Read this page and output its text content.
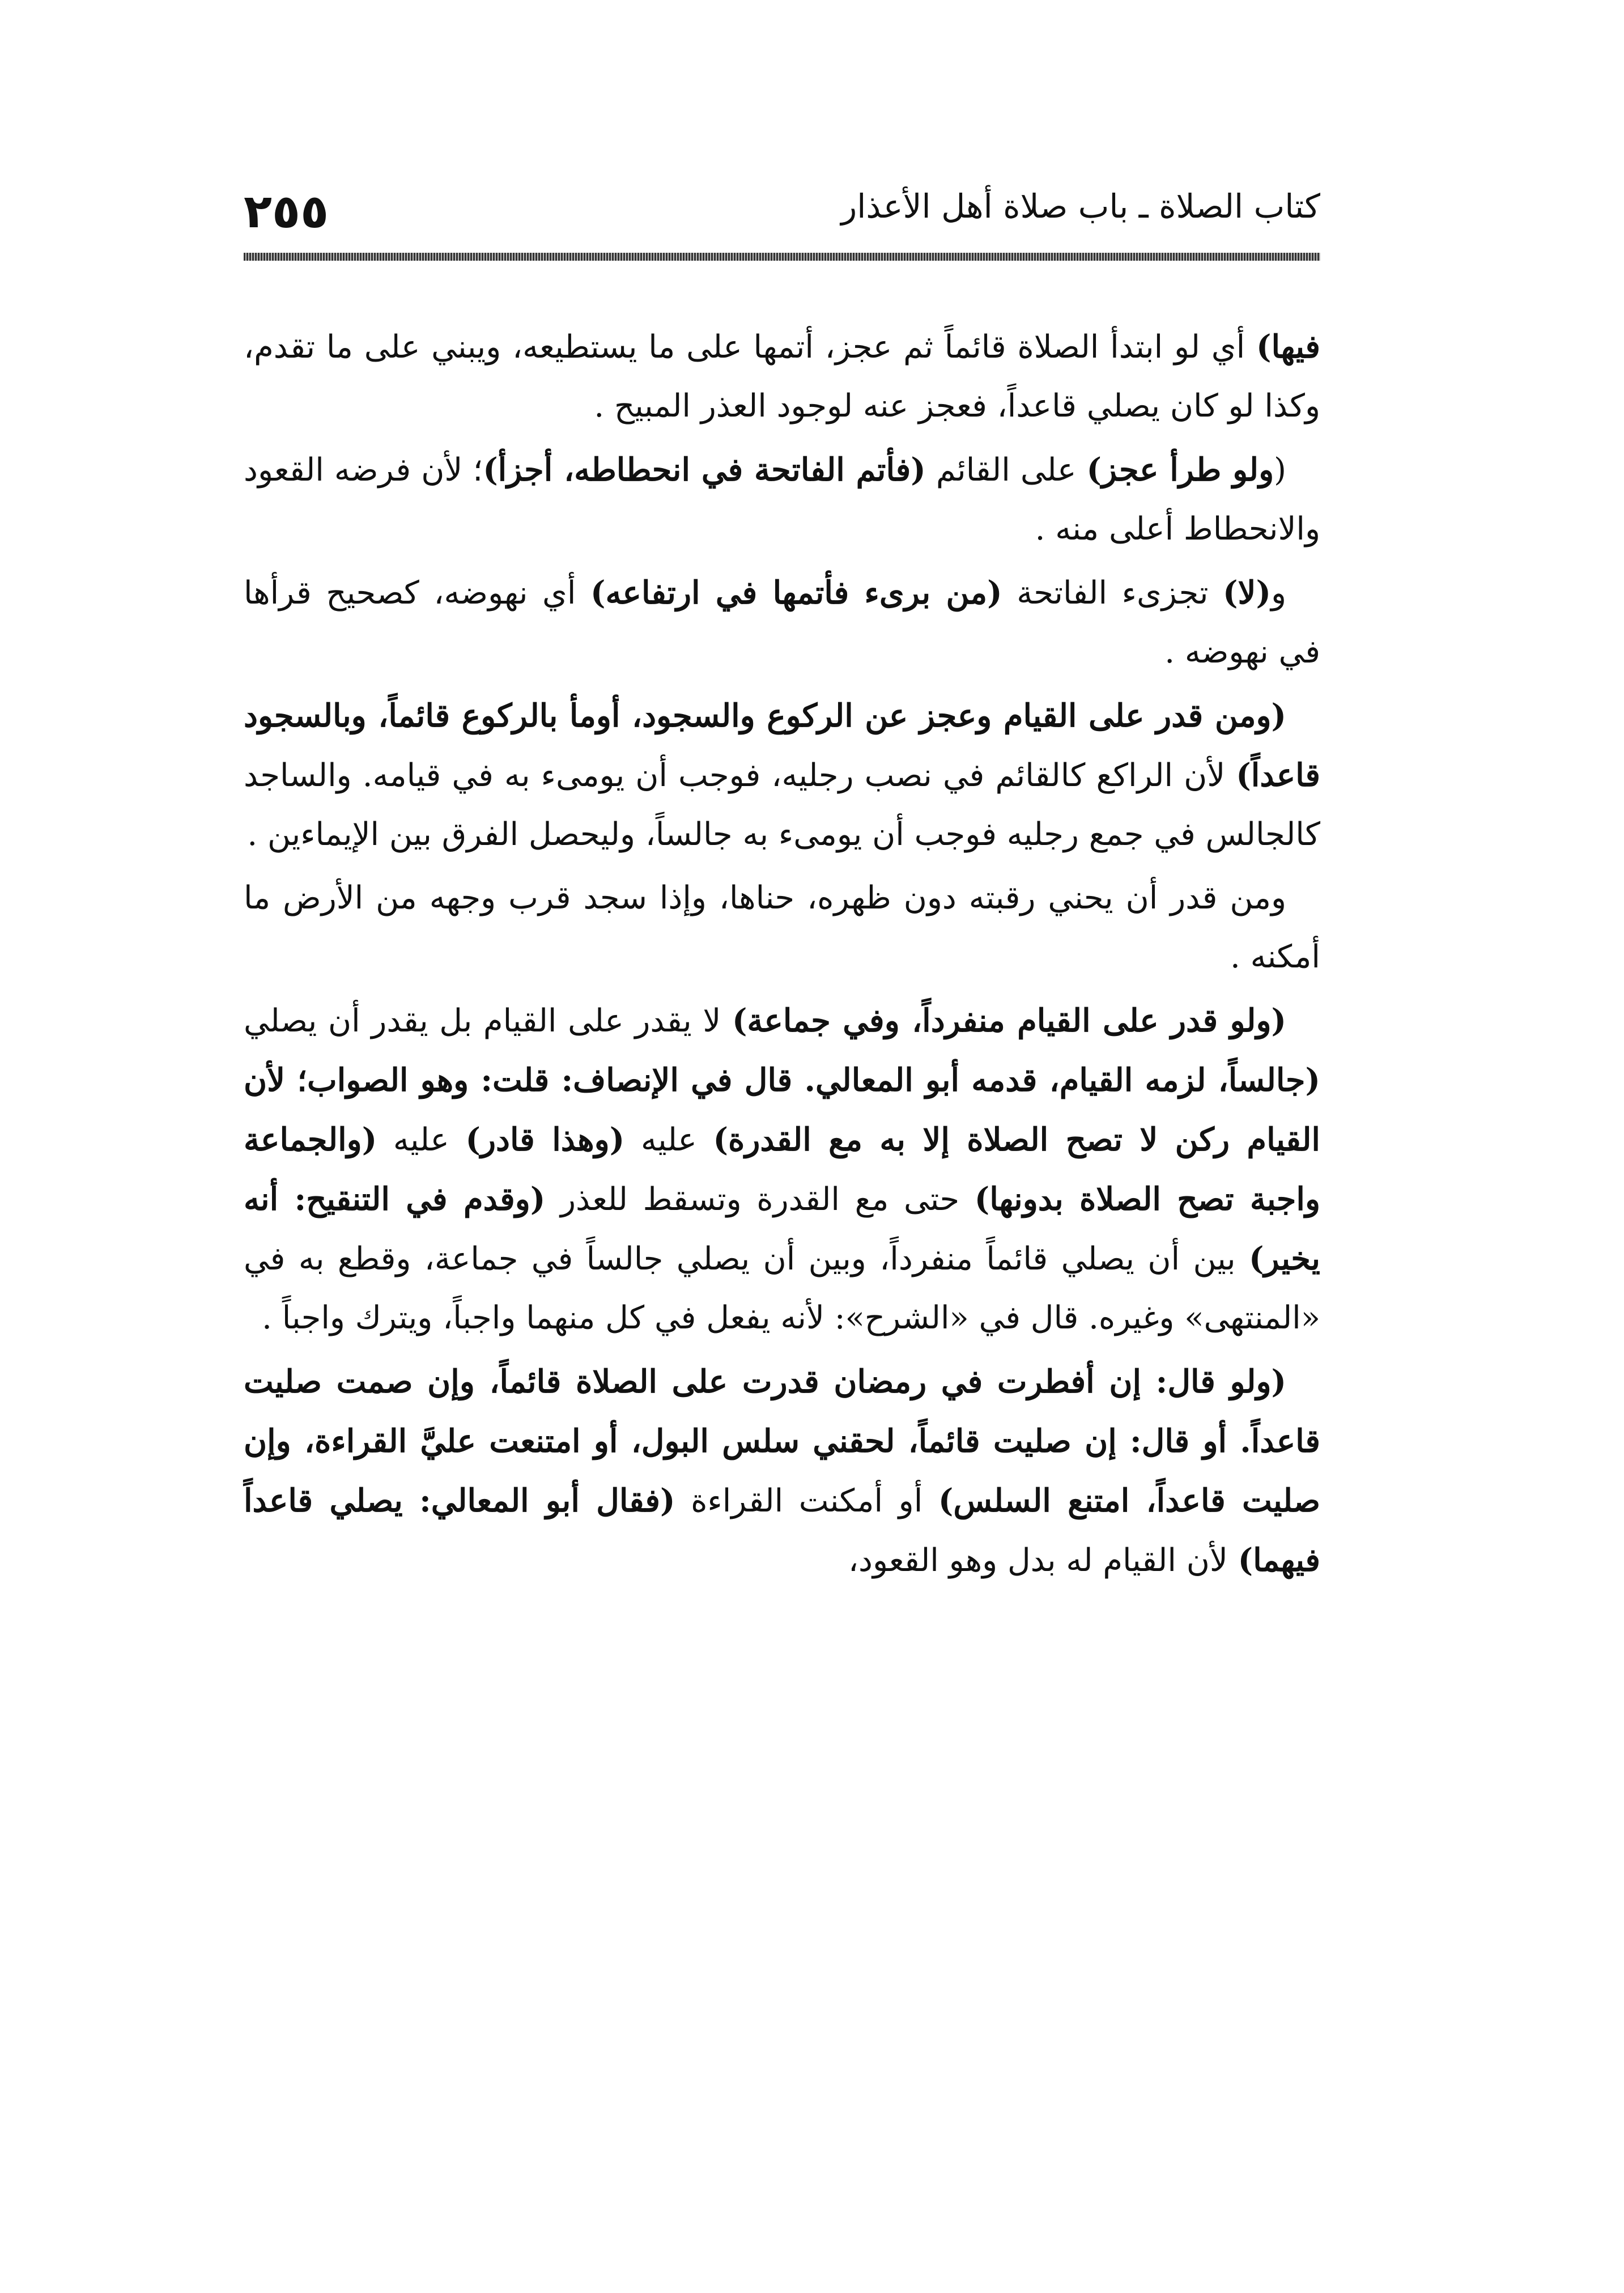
٢٥٥	كتاب الصلاة ـ باب صلاة أهل الأعذار

فيها) أي لو ابتدأ الصلاة قائماً ثم عجز، أتمها على ما يستطيعه، ويبني على ما تقدم، وكذا لو كان يصلي قاعداً، فعجز عنه لوجود العذر المبيح .

(ولو طرأ عجز) على القائم (فأتم الفاتحة في انحطاطه، أجزأ)؛ لأن فرضه القعود والانحطاط أعلى منه .

و(لا) تجزىء الفاتحة (من برىء فأتمها في ارتفاعه) أي نهوضه، كصحيح قرأها في نهوضه .

(ومن قدر على القيام وعجز عن الركوع والسجود، أومأ بالركوع قائماً، وبالسجود قاعداً) لأن الراكع كالقائم في نصب رجليه، فوجب أن يومىء به في قيامه. والساجد كالجالس في جمع رجليه فوجب أن يومىء به جالساً، وليحصل الفرق بين الإيماءين .

ومن قدر أن يحني رقبته دون ظهره، حناها، وإذا سجد قرب وجهه من الأرض ما أمكنه .

(ولو قدر على القيام منفرداً، وفي جماعة) لا يقدر على القيام بل يقدر أن يصلي (جالساً، لزمه القيام، قدمه أبو المعالي. قال في الإنصاف: قلت: وهو الصواب؛ لأن القيام ركن لا تصح الصلاة إلا به مع القدرة) عليه (وهذا قادر) عليه (والجماعة واجبة تصح الصلاة بدونها) حتى مع القدرة وتسقط للعذر (وقدم في التنقيح: أنه يخير) بين أن يصلي قائماً منفرداً، وبين أن يصلي جالساً في جماعة، وقطع به في «المنتهى» وغيره. قال في «الشرح»: لأنه يفعل في كل منهما واجباً، ويترك واجباً .

(ولو قال: إن أفطرت في رمضان قدرت على الصلاة قائماً، وإن صمت صليت قاعداً. أو قال: إن صليت قائماً، لحقني سلس البول، أو امتنعت عليَّ القراءة، وإن صليت قاعداً، امتنع السلس) أو أمكنت القراءة (فقال أبو المعالي: يصلي قاعداً فيهما) لأن القيام له بدل وهو القعود،
